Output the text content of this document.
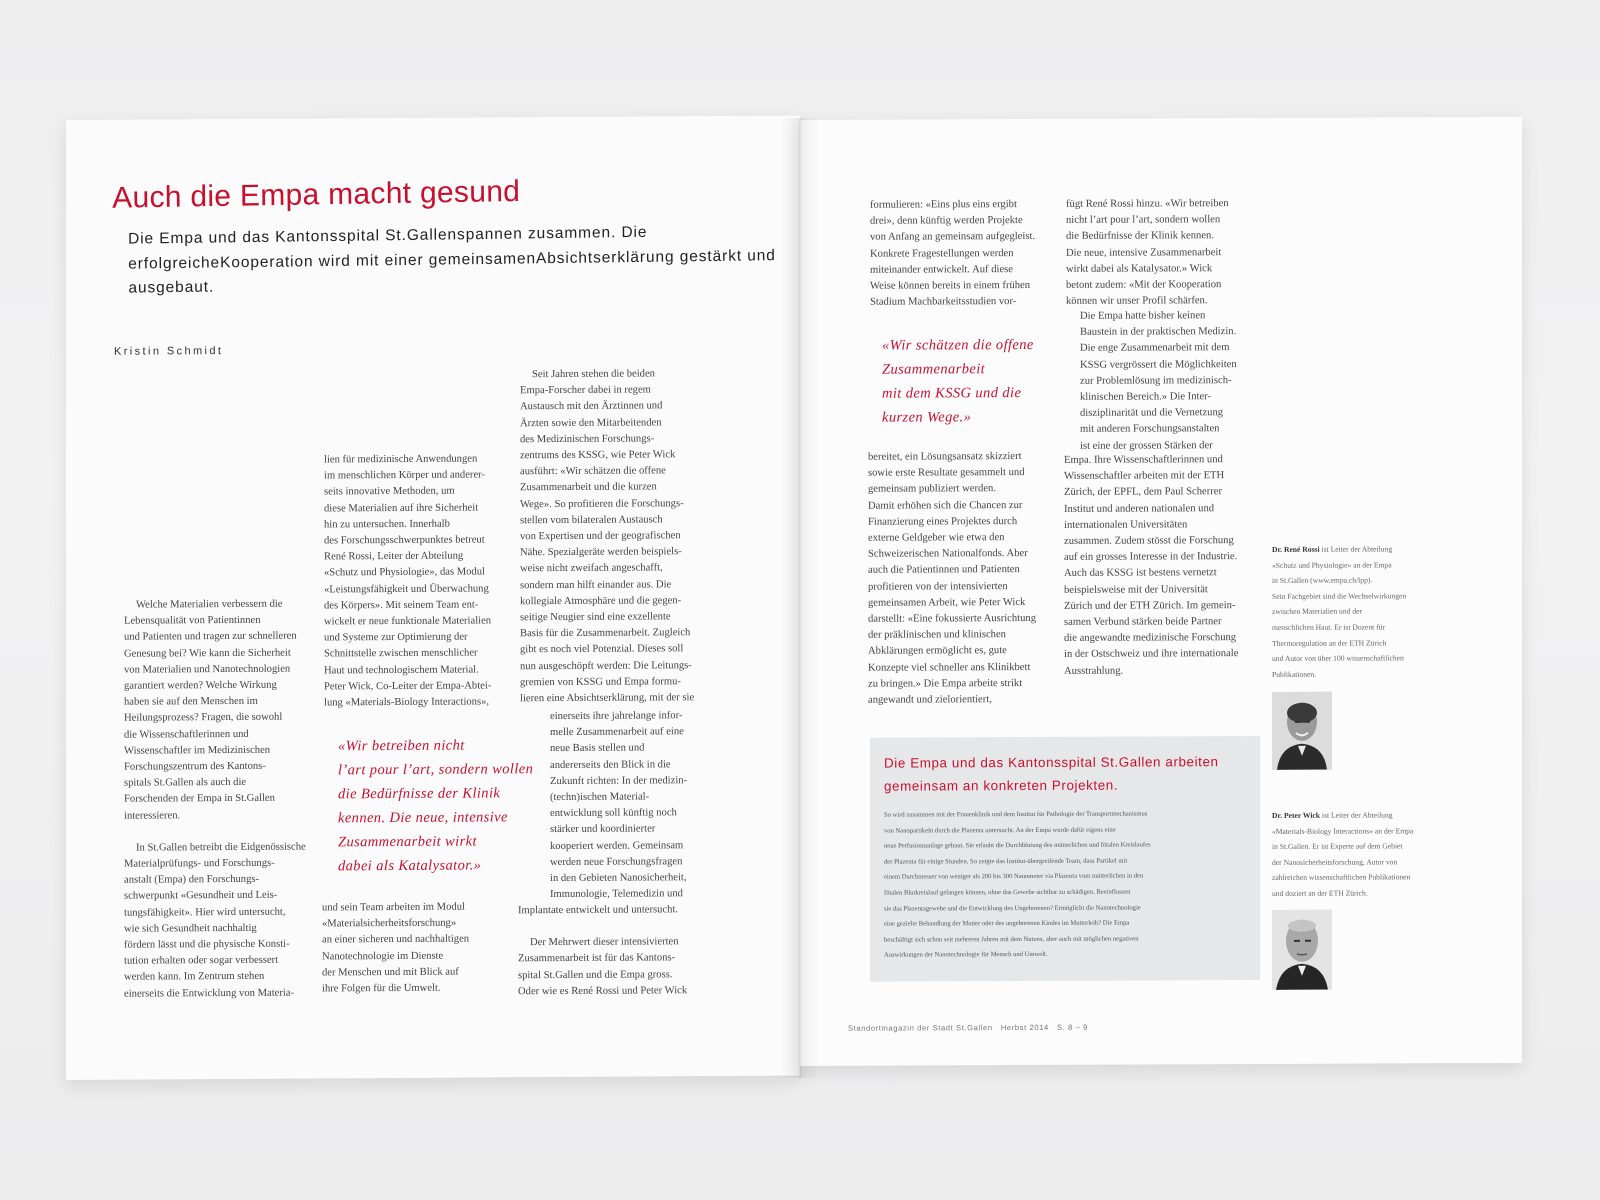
Auch die Empa macht gesund
Die Empa und das Kantonsspital St.Gallenspannen zusammen. Die erfolgreicheKooperation wird mit einer gemeinsamenAbsichtserklärung gestärkt und ausgebaut.
Kristin Schmidt
Welche Materialien verbessern die
Lebensqualität von Patientinnen
und Patienten und tragen zur schnelleren
Genesung bei? Wie kann die Sicherheit
von Materialien und Nanotechnologien
garantiert werden? Welche Wirkung
haben sie auf den Menschen im
Heilungsprozess? Fragen, die sowohl
die Wissenschaftlerinnen und
Wissenschaftler im Medizinischen
Forschungszentrum des Kantons-
spitals St.Gallen als auch die
Forschenden der Empa in St.Gallen
interessieren.
In St.Gallen betreibt die Eidgenössische
Materialprüfungs- und Forschungs-
anstalt (Empa) den Forschungs-
schwerpunkt «Gesundheit und Leis-
tungsfähigkeit». Hier wird untersucht,
wie sich Gesundheit nachhaltig
fördern lässt und die physische Konsti-
tution erhalten oder sogar verbessert
werden kann. Im Zentrum stehen
einerseits die Entwicklung von Materia-
lien für medizinische Anwendungen
im menschlichen Körper und anderer-
seits innovative Methoden, um
diese Materialien auf ihre Sicherheit
hin zu untersuchen. Innerhalb
des Forschungsschwerpunktes betreut
René Rossi, Leiter der Abteilung
«Schutz und Physiologie», das Modul
«Leistungsfähigkeit und Überwachung
des Körpers». Mit seinem Team ent-
wickelt er neue funktionale Materialien
und Systeme zur Optimierung der
Schnittstelle zwischen menschlicher
Haut und technologischem Material.
Peter Wick, Co-Leiter der Empa-Abtei-
lung «Materials-Biology Interactions»,
«Wir betreiben nicht
l’art pour l’art, sondern wollen
die Bedürfnisse der Klinik
kennen. Die neue, intensive
Zusammenarbeit wirkt
dabei als Katalysator.»
und sein Team arbeiten im Modul
«Materialsicherheitsforschung»
an einer sicheren und nachhaltigen
Nanotechnologie im Dienste
der Menschen und mit Blick auf
ihre Folgen für die Umwelt.
Seit Jahren stehen die beiden
Empa-Forscher dabei in regem
Austausch mit den Ärztinnen und
Ärzten sowie den Mitarbeitenden
des Medizinischen Forschungs-
zentrums des KSSG, wie Peter Wick
ausführt: «Wir schätzen die offene
Zusammenarbeit und die kurzen
Wege». So profitieren die Forschungs-
stellen vom bilateralen Austausch
von Expertisen und der geografischen
Nähe. Spezialgeräte werden beispiels-
weise nicht zweifach angeschafft,
sondern man hilft einander aus. Die
kollegiale Atmosphäre und die gegen-
seitige Neugier sind eine exzellente
Basis für die Zusammenarbeit. Zugleich
gibt es noch viel Potenzial. Dieses soll
nun ausgeschöpft werden: Die Leitungs-
gremien von KSSG und Empa formu-
lieren eine Absichtserklärung, mit der sie
einerseits ihre jahrelange infor-
melle Zusammenarbeit auf eine
neue Basis stellen und
andererseits den Blick in die
Zukunft richten: In der medizin-
(techn)ischen Material-
entwicklung soll künftig noch
stärker und koordinierter
kooperiert werden. Gemeinsam
werden neue Forschungsfragen
in den Gebieten Nanosicherheit,
Immunologie, Telemedizin und
Implantate entwickelt und untersucht.
Der Mehrwert dieser intensivierten
Zusammenarbeit ist für das Kantons-
spital St.Gallen und die Empa gross.
Oder wie es René Rossi und Peter Wick
formulieren: «Eins plus eins ergibt
drei», denn künftig werden Projekte
von Anfang an gemeinsam aufgegleist.
Konkrete Fragestellungen werden
miteinander entwickelt. Auf diese
Weise können bereits in einem frühen
Stadium Machbarkeitsstudien vor-
«Wir schätzen die offene
Zusammenarbeit
mit dem KSSG und die
kurzen Wege.»
bereitet, ein Lösungsansatz skizziert
sowie erste Resultate gesammelt und
gemeinsam publiziert werden.
Damit erhöhen sich die Chancen zur
Finanzierung eines Projektes durch
externe Geldgeber wie etwa den
Schweizerischen Nationalfonds. Aber
auch die Patientinnen und Patienten
profitieren von der intensivierten
gemeinsamen Arbeit, wie Peter Wick
darstellt: «Eine fokussierte Ausrichtung
der präklinischen und klinischen
Abklärungen ermöglicht es, gute
Konzepte viel schneller ans Klinikbett
zu bringen.» Die Empa arbeite strikt
angewandt und zielorientiert,
fügt René Rossi hinzu. «Wir betreiben
nicht l’art pour l’art, sondern wollen
die Bedürfnisse der Klinik kennen.
Die neue, intensive Zusammenarbeit
wirkt dabei als Katalysator.» Wick
betont zudem: «Mit der Kooperation
können wir unser Profil schärfen.
Die Empa hatte bisher keinen
Baustein in der praktischen Medizin.
Die enge Zusammenarbeit mit dem
KSSG vergrössert die Möglichkeiten
zur Problemlösung im medizinisch-
klinischen Bereich.» Die Inter-
disziplinarität und die Vernetzung
mit anderen Forschungsanstalten
ist eine der grossen Stärken der
Empa. Ihre Wissenschaftlerinnen und
Wissenschaftler arbeiten mit der ETH
Zürich, der EPFL, dem Paul Scherrer
Institut und anderen nationalen und
internationalen Universitäten
zusammen. Zudem stösst die Forschung
auf ein grosses Interesse in der Industrie.
Auch das KSSG ist bestens vernetzt
beispielsweise mit der Universität
Zürich und der ETH Zürich. Im gemein-
samen Verbund stärken beide Partner
die angewandte medizinische Forschung
in der Ostschweiz und ihre internationale
Ausstrahlung.
Die Empa und das Kantonsspital St.Gallen arbeiten
gemeinsam an konkreten Projekten.
So wird zusammen mit der Frauenklinik und dem Institut für Pathologie der Transportmechanismus
von Nanopartikeln durch die Plazenta untersucht. An der Empa wurde dafür eigens eine
neue Perfusionsanlage gebaut. Sie erlaubt die Durchblutung des mütterlichen und fötalen Kreislaufes
der Plazenta für einige Stunden. So zeigte das Institut-übergreifende Team, dass Partikel mit
einem Durchmesser von weniger als 200 bis 300 Nanometer via Plazenta vom mütterlichen in den
fötalen Blutkreislauf gelangen können, ohne das Gewebe sichtbar zu schädigen. Beeinflussen
sie das Plazentagewebe und die Entwicklung des Ungeborenen? Ermöglicht die Nanotechnologie
eine gezielte Behandlung der Mutter oder des ungeborenen Kindes im Mutterleib? Die Empa
beschäftigt sich schon seit mehreren Jahren mit dem Nutzen, aber auch mit möglichen negativen
Auswirkungen der Nanotechnologie für Mensch und Umwelt.
Dr. René Rossi ist Leiter der Abteilung
«Schutz und Physiologie» an der Empa
in St.Gallen (www.empa.ch/lpp).
Sein Fachgebiet sind die Wechselwirkungen
zwischen Materialien und der
menschlichen Haut. Er ist Dozent für
Thermoregulation an der ETH Zürich
und Autor von über 100 wissenschaftlichen
Publikationen.
Dr. Peter Wick ist Leiter der Abteilung
«Materials-Biology Interactions» an der Empa
in St.Gallen. Er ist Experte auf dem Gebiet
der Nanosicherheitsforschung, Autor von
zahlreichen wissenschaftlichen Publikationen
und doziert an der ETH Zürich.
Standortmagazin der Stadt St.Gallen Herbst 2014 S. 8 – 9
